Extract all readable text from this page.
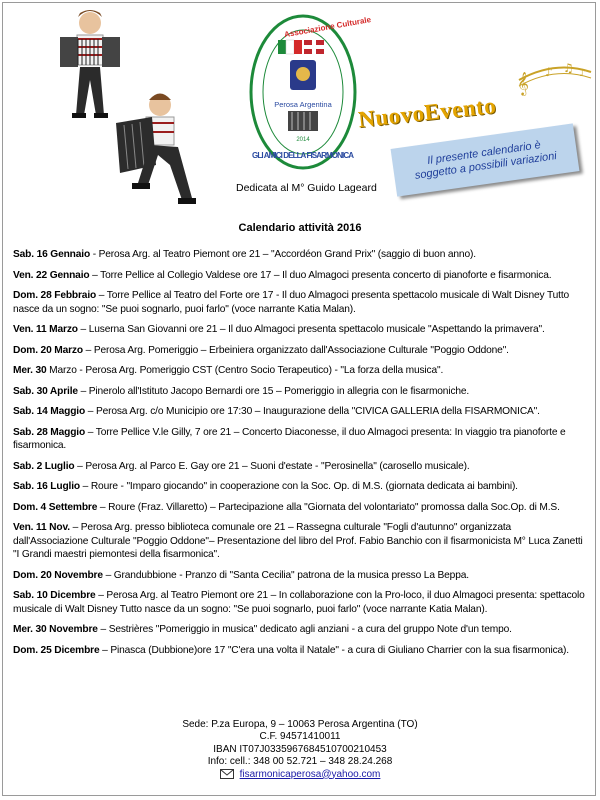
Perosa Argentina
2014
Associazione Culturale
GLI AMICI DELLA FISARMONICA
𝄞 ♪ ♫ ♪
NuovoEvento
Il presente calendario è soggetto a possibili variazioni
Dedicata al M° Guido Lageard
Calendario attività 2016

Sab. 16 Gennaio - Perosa Arg. al Teatro Piemont ore 21 – "Accordéon Grand Prix" (saggio di buon anno).

Ven. 22 Gennaio – Torre Pellice al Collegio Valdese ore 17 – Il duo Almagoci presenta concerto di pianoforte e fisarmonica.

Dom. 28 Febbraio – Torre Pellice al Teatro del Forte ore 17 - Il duo Almagoci presenta spettacolo musicale di Walt Disney Tutto nasce da un sogno: "Se puoi sognarlo, puoi farlo" (voce narrante Katia Malan).

Ven. 11 Marzo – Luserna San Giovanni ore 21 – Il duo Almagoci presenta spettacolo musicale "Aspettando la primavera".

Dom. 20 Marzo – Perosa Arg. Pomeriggio – Erbeiniera organizzato dall'Associazione Culturale "Poggio Oddone".

Mer. 30 Marzo - Perosa Arg. Pomeriggio CST (Centro Socio Terapeutico) - "La forza della musica".

Sab. 30 Aprile – Pinerolo all'Istituto Jacopo Bernardi ore 15 – Pomeriggio in allegria con le fisarmoniche.

Sab. 14 Maggio – Perosa Arg. c/o Municipio ore 17:30 – Inaugurazione della "CIVICA GALLERIA della FISARMONICA".

Sab. 28 Maggio – Torre Pellice V.le Gilly, 7 ore 21 – Concerto Diaconesse, il duo Almagoci presenta: In viaggio tra pianoforte e fisarmonica.

Sab. 2 Luglio – Perosa Arg. al Parco E. Gay ore 21 – Suoni d'estate - "Perosinella" (carosello musicale).

Sab. 16 Luglio – Roure - "Imparo giocando" in cooperazione con la Soc. Op. di M.S. (giornata dedicata ai bambini).

Dom. 4 Settembre – Roure (Fraz. Villaretto) – Partecipazione alla "Giornata del volontariato" promossa dalla Soc.Op. di M.S.

Ven. 11 Nov. – Perosa Arg. presso biblioteca comunale ore 21 – Rassegna culturale "Fogli d'autunno" organizzata dall'Associazione Culturale "Poggio Oddone"– Presentazione del libro del Prof. Fabio Banchio con il fisarmonicista M° Luca Zanetti "I Grandi maestri piemontesi della fisarmonica".

Dom. 20 Novembre – Grandubbione - Pranzo di "Santa Cecilia" patrona de la musica presso La Beppa.

Sab. 10 Dicembre – Perosa Arg. al Teatro Piemont ore 21 – In collaborazione con la Pro-loco, il duo Almagoci presenta: spettacolo musicale di Walt Disney Tutto nasce da un sogno: "Se puoi sognarlo, puoi farlo" (voce narrante Katia Malan).

Mer. 30 Novembre – Sestrières "Pomeriggio in musica" dedicato agli anziani - a cura del gruppo Note d'un tempo.

Dom. 25 Dicembre – Pinasca (Dubbione)ore 17 "C'era una volta il Natale" - a cura di Giuliano Charrier con la sua fisarmonica).

Sede: P.za Europa, 9 – 10063 Perosa Argentina (TO)
C.F. 94571410011
IBAN IT07J0335967684510700210453
Info: cell.: 348 00 52.721 – 348 28.24.268
fisarmonicaperosa@yahoo.com
